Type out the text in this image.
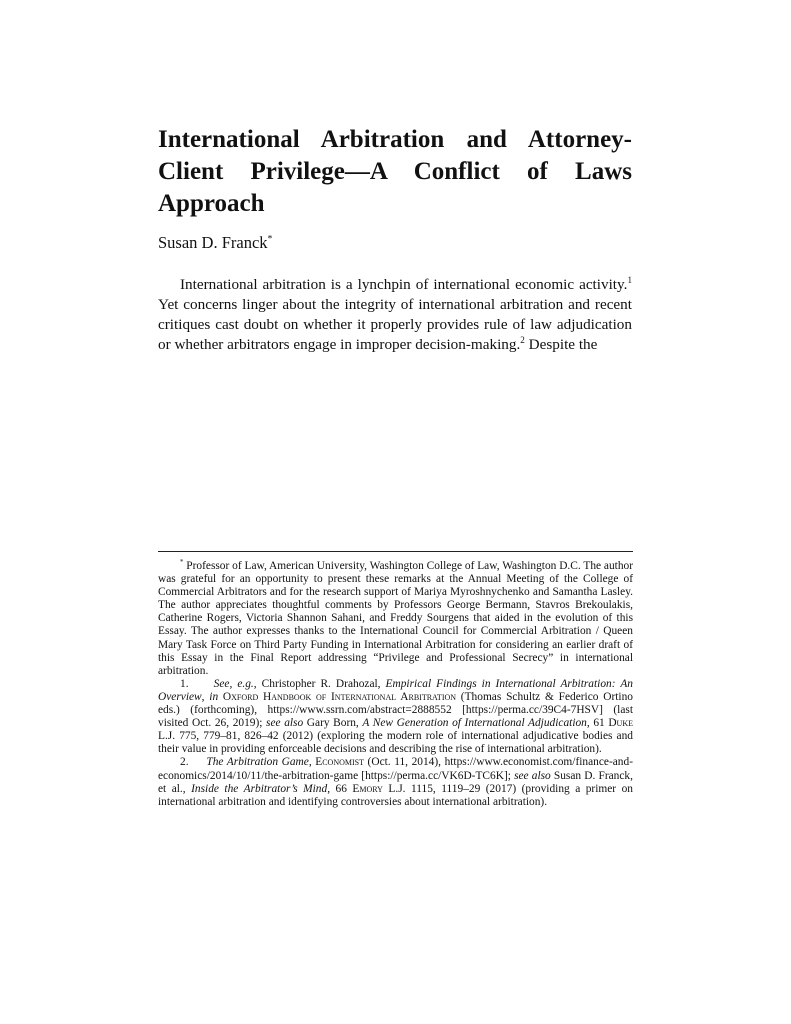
International Arbitration and Attorney-Client Privilege—A Conflict of Laws Approach

Susan D. Franck*

International arbitration is a lynchpin of international economic activity.$^1$ Yet concerns linger about the integrity of international arbitration and recent critiques cast doubt on whether it properly provides rule of law adjudication or whether arbitrators engage in improper decision-making.$^2$ Despite the

* Professor of Law, American University, Washington College of Law, Washington D.C. The author was grateful for an opportunity to present these remarks at the Annual Meeting of the College of Commercial Arbitrators and for the research support of Mariya Myroshnychenko and Samantha Lasley. The author appreciates thoughtful comments by Professors George Bermann, Stavros Brekoulakis, Catherine Rogers, Victoria Shannon Sahani, and Freddy Sourgens that aided in the evolution of this Essay. The author expresses thanks to the International Council for Commercial Arbitration / Queen Mary Task Force on Third Party Funding in International Arbitration for considering an earlier draft of this Essay in the Final Report addressing “Privilege and Professional Secrecy” in international arbitration.

1. See, e.g., Christopher R. Drahozal, Empirical Findings in International Arbitration: An Overview, in Oxford Handbook of International Arbitration (Thomas Schultz & Federico Ortino eds.) (forthcoming), https://www.ssrn.com/abstract=2888552 [https://perma.cc/39C4-7HSV] (last visited Oct. 26, 2019); see also Gary Born, A New Generation of International Adjudication, 61 Duke L.J. 775, 779–81, 826–42 (2012) (exploring the modern role of international adjudicative bodies and their value in providing enforceable decisions and describing the rise of international arbitration).

2. The Arbitration Game, Economist (Oct. 11, 2014), https://www.economist.com/finance-and-economics/2014/10/11/the-arbitration-game [https://perma.cc/VK6D-TC6K]; see also Susan D. Franck, et al., Inside the Arbitrator’s Mind, 66 Emory L.J. 1115, 1119–29 (2017) (providing a primer on international arbitration and identifying controversies about international arbitration).
